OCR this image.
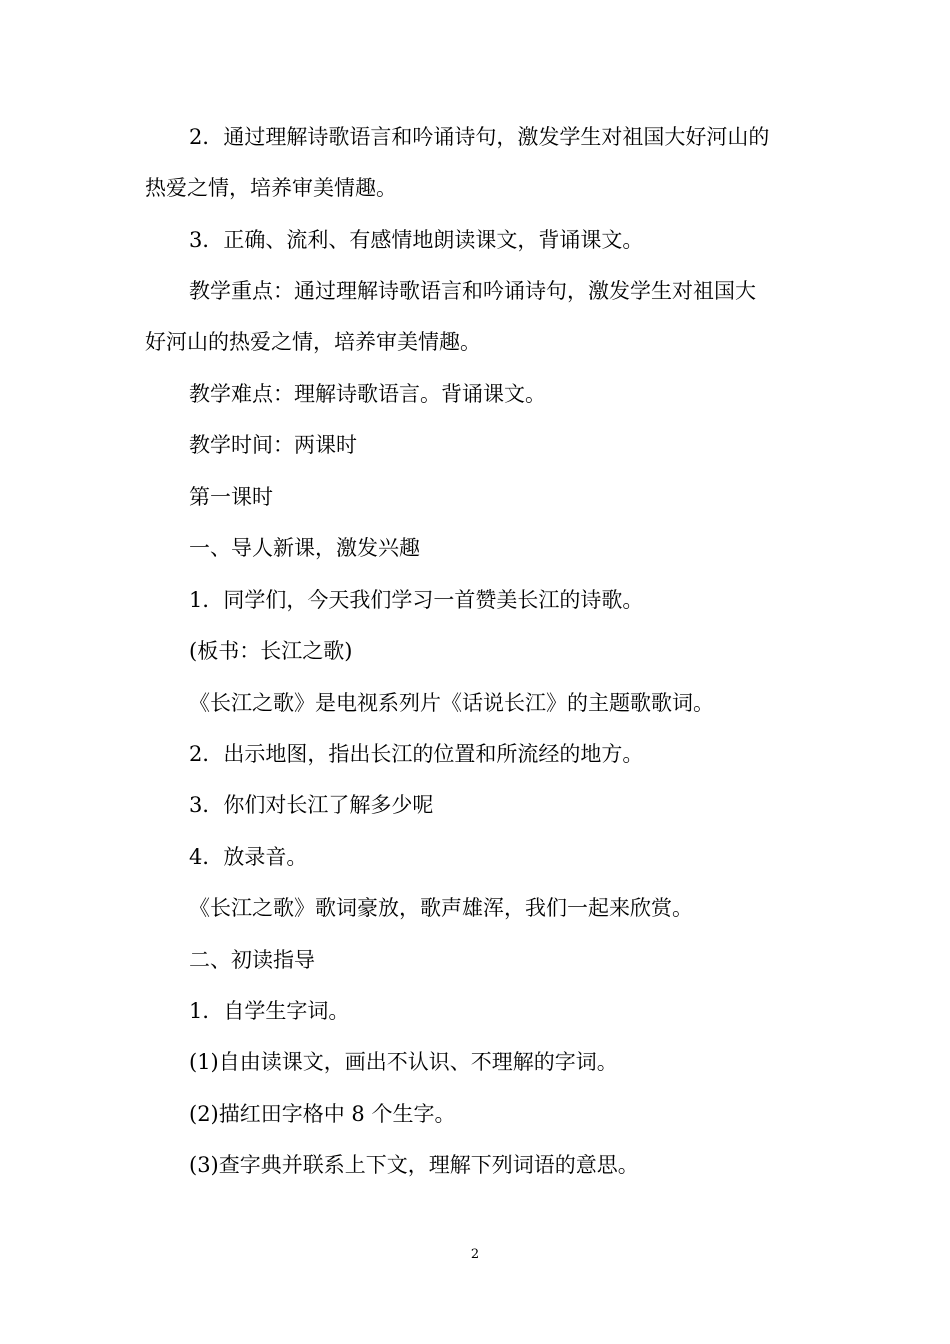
2．通过理解诗歌语言和吟诵诗句，激发学生对祖国大好河山的
热爱之情，培养审美情趣。
3．正确、流利、有感情地朗读课文，背诵课文。
教学重点：通过理解诗歌语言和吟诵诗句，激发学生对祖国大
好河山的热爱之情，培养审美情趣。
教学难点：理解诗歌语言。背诵课文。
教学时间：两课时
第一课时
一、导人新课，激发兴趣
1．同学们，今天我们学习一首赞美长江的诗歌。
(板书：长江之歌)
《长江之歌》是电视系列片《话说长江》的主题歌歌词。
2．出示地图，指出长江的位置和所流经的地方。
3．你们对长江了解多少呢
4．放录音。
《长江之歌》歌词豪放，歌声雄浑，我们一起来欣赏。
二、初读指导
1．自学生字词。
(1)自由读课文，画出不认识、不理解的字词。
(2)描红田字格中 8 个生字。
(3)查字典并联系上下文，理解下列词语的意思。
2
